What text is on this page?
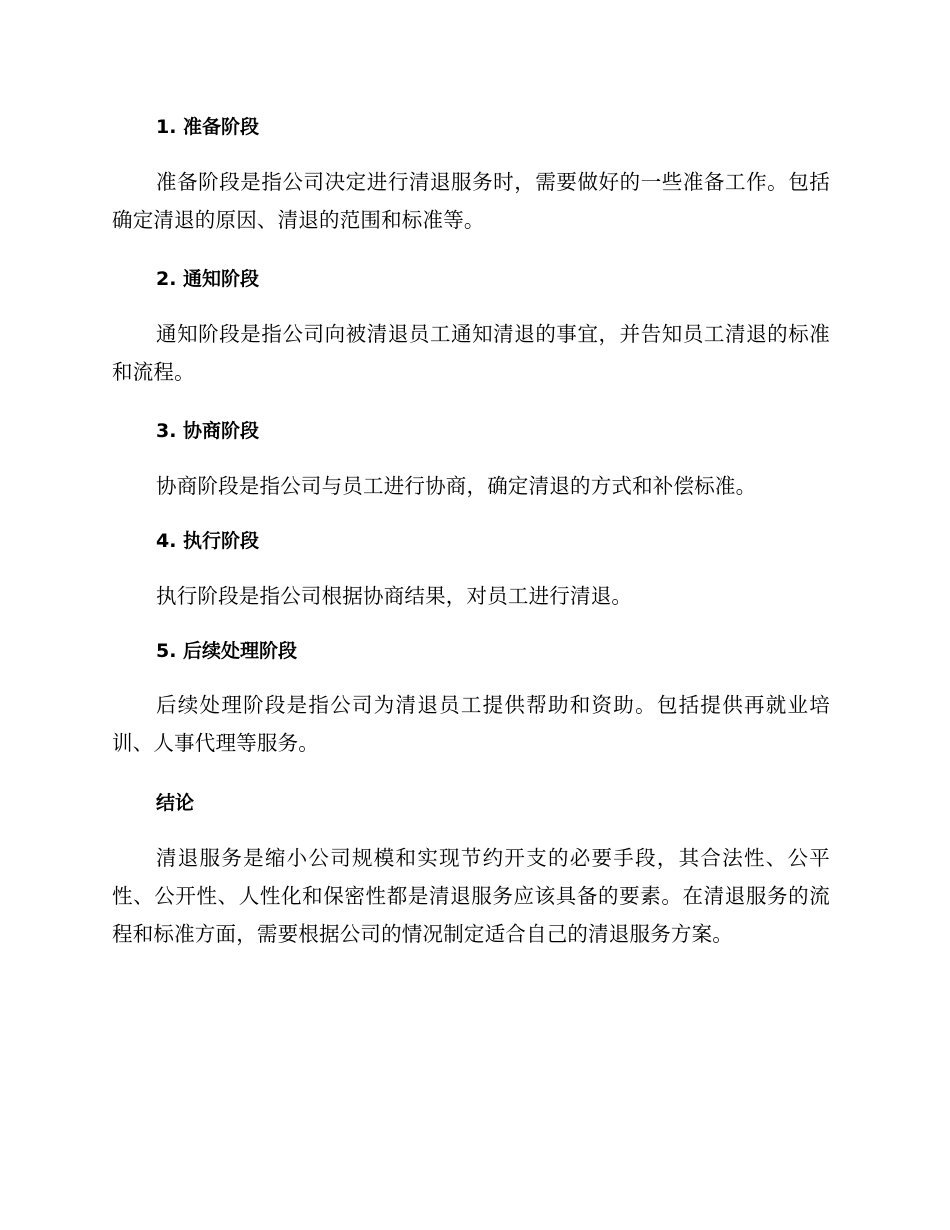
1. 准备阶段
准备阶段是指公司决定进行清退服务时，需要做好的一些准备工作。包括确定清退的原因、清退的范围和标准等。
2. 通知阶段
通知阶段是指公司向被清退员工通知清退的事宜，并告知员工清退的标准和流程。
3. 协商阶段
协商阶段是指公司与员工进行协商，确定清退的方式和补偿标准。
4. 执行阶段
执行阶段是指公司根据协商结果，对员工进行清退。
5. 后续处理阶段
后续处理阶段是指公司为清退员工提供帮助和资助。包括提供再就业培训、人事代理等服务。
结论
清退服务是缩小公司规模和实现节约开支的必要手段，其合法性、公平性、公开性、人性化和保密性都是清退服务应该具备的要素。在清退服务的流程和标准方面，需要根据公司的情况制定适合自己的清退服务方案。
